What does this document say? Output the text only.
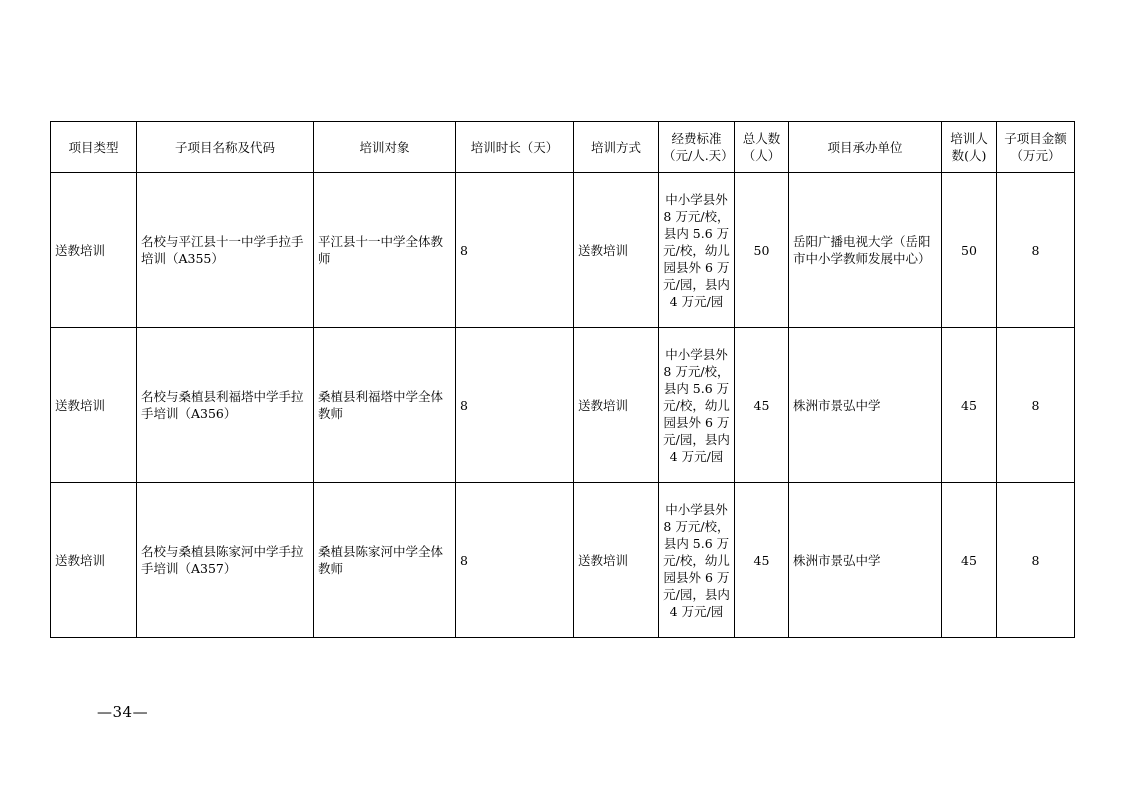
项目类型	子项目名称及代码	培训对象	培训时长（天）	培训方式	经费标准（元/人.天）	总人数（人）	项目承办单位	培训人数(人)	子项目金额（万元）
送教培训	名校与平江县十一中学手拉手培训（A355）	平江县十一中学全体教师	8	送教培训	中小学县外 8 万元/校，县内 5.6 万元/校，幼儿园县外 6 万元/园，县内 4 万元/园	50	岳阳广播电视大学（岳阳市中小学教师发展中心）	50	8
送教培训	名校与桑植县利福塔中学手拉手培训（A356）	桑植县利福塔中学全体教师	8	送教培训	中小学县外 8 万元/校，县内 5.6 万元/校，幼儿园县外 6 万元/园，县内 4 万元/园	45	株洲市景弘中学	45	8
送教培训	名校与桑植县陈家河中学手拉手培训（A357）	桑植县陈家河中学全体教师	8	送教培训	中小学县外 8 万元/校，县内 5.6 万元/校，幼儿园县外 6 万元/园，县内 4 万元/园	45	株洲市景弘中学	45	8
—34—
